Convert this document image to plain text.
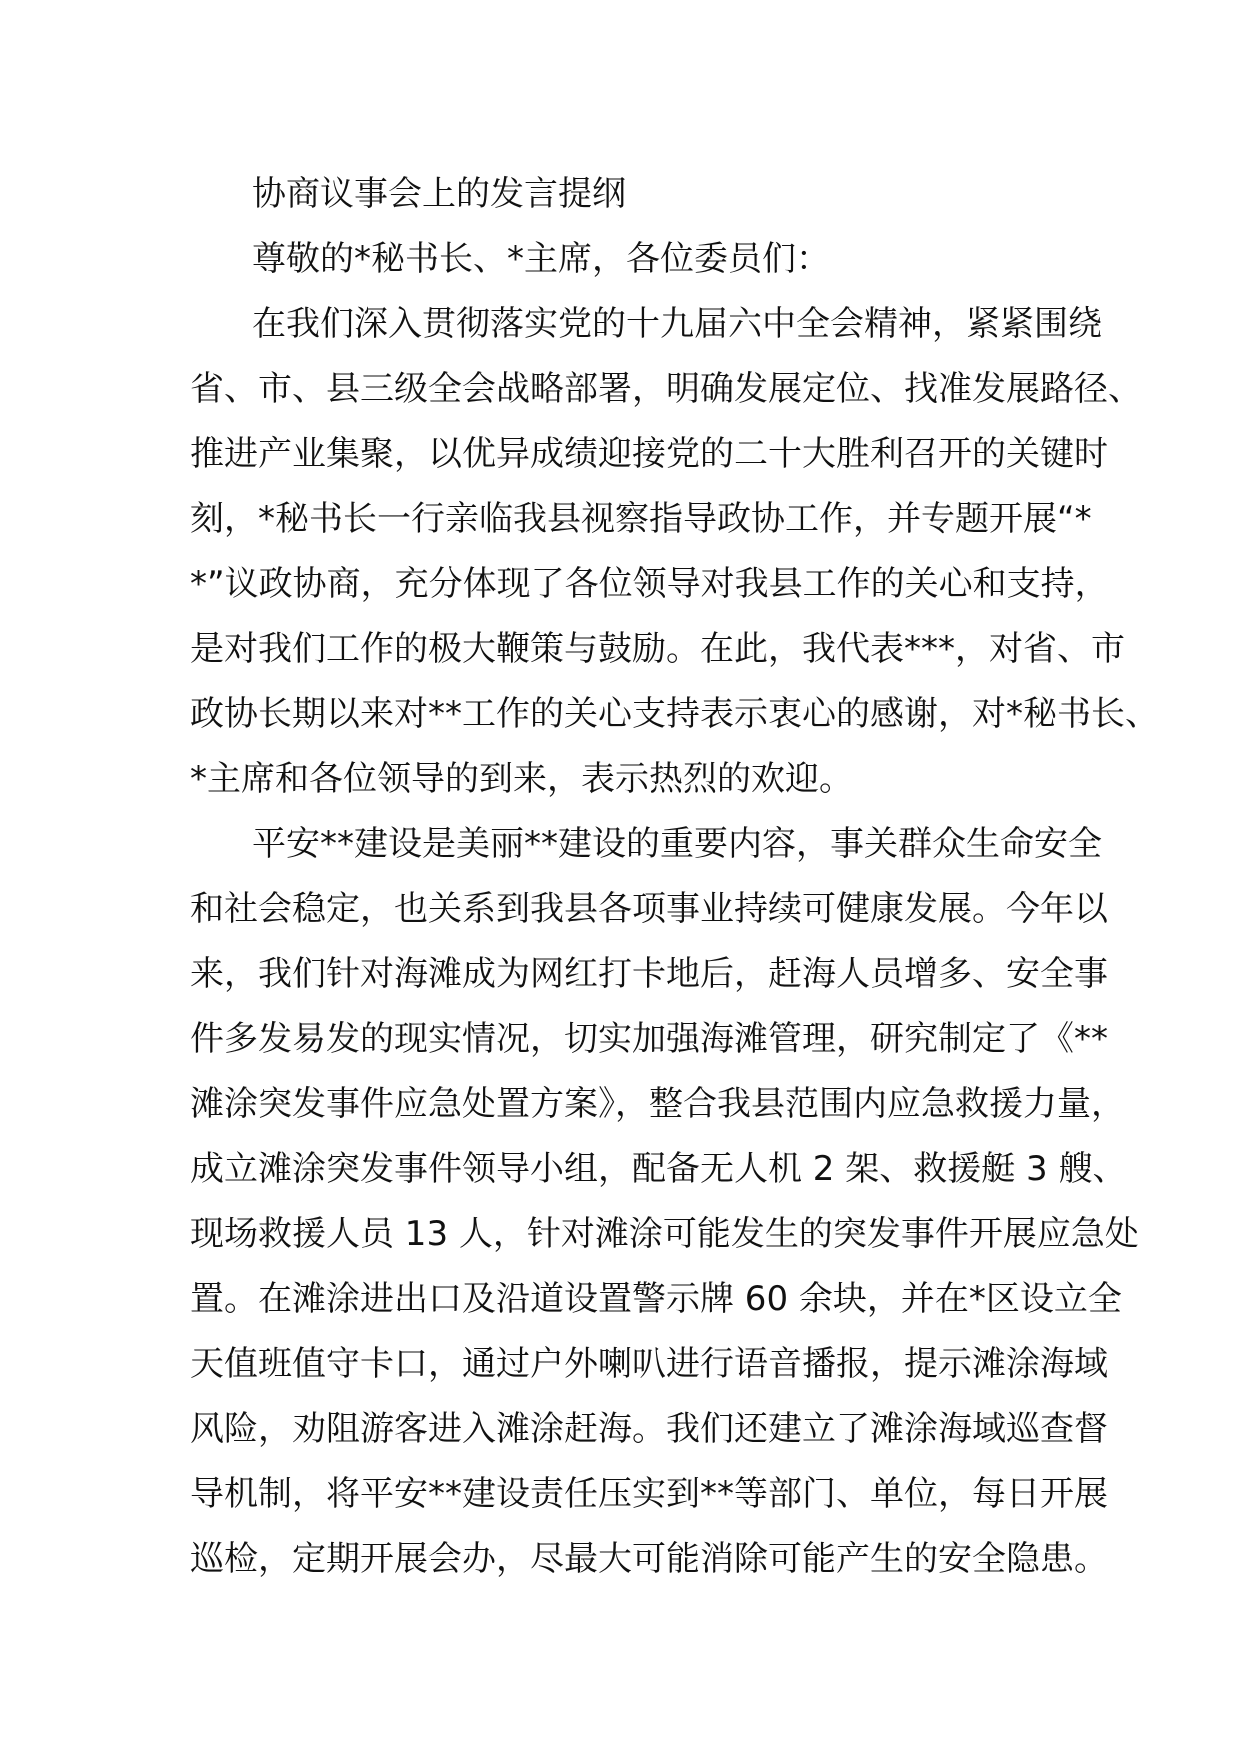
协商议事会上的发言提纲
尊敬的*秘书长、*主席，各位委员们：
在我们深入贯彻落实党的十九届六中全会精神，紧紧围绕
省、市、县三级全会战略部署，明确发展定位、找准发展路径、
推进产业集聚，以优异成绩迎接党的二十大胜利召开的关键时
刻，*秘书长一行亲临我县视察指导政协工作，并专题开展“*
*”议政协商，充分体现了各位领导对我县工作的关心和支持，
是对我们工作的极大鞭策与鼓励。在此，我代表***，对省、市
政协长期以来对**工作的关心支持表示衷心的感谢，对*秘书长、
*主席和各位领导的到来，表示热烈的欢迎。
平安**建设是美丽**建设的重要内容，事关群众生命安全
和社会稳定，也关系到我县各项事业持续可健康发展。今年以
来，我们针对海滩成为网红打卡地后，赶海人员增多、安全事
件多发易发的现实情况，切实加强海滩管理，研究制定了《**
滩涂突发事件应急处置方案》，整合我县范围内应急救援力量，
成立滩涂突发事件领导小组，配备无人机 2 架、救援艇 3 艘、
现场救援人员 13 人，针对滩涂可能发生的突发事件开展应急处
置。在滩涂进出口及沿道设置警示牌 60 余块，并在*区设立全
天值班值守卡口，通过户外喇叭进行语音播报，提示滩涂海域
风险，劝阻游客进入滩涂赶海。我们还建立了滩涂海域巡查督
导机制，将平安**建设责任压实到**等部门、单位，每日开展
巡检，定期开展会办，尽最大可能消除可能产生的安全隐患。
